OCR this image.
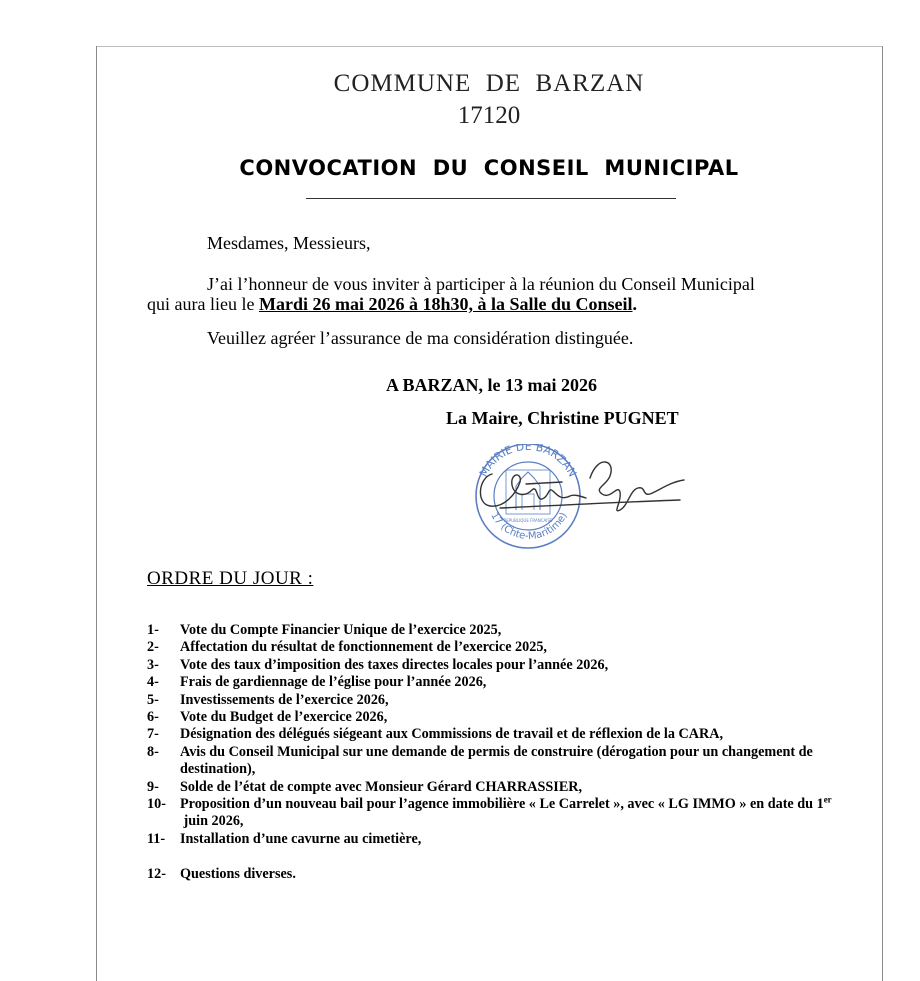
COMMUNE  DE  BARZAN
17120
CONVOCATION  DU  CONSEIL  MUNICIPAL
Mesdames, Messieurs,
J’ai l’honneur de vous inviter à participer à la réunion du Conseil Municipal
qui aura lieu le Mardi 26 mai 2026 à 18h30, à la Salle du Conseil.
Veuillez agréer l’assurance de ma considération distinguée.
A BARZAN, le 13 mai 2026
La Maire, Christine PUGNET
MAIRIE DE BARZAN
17 (Chte-Maritime)
REPUBLIQUE FRANCAISE
ORDRE DU JOUR :
1-	Vote du Compte Financier Unique de l’exercice 2025,
2-	Affectation du résultat de fonctionnement de l’exercice 2025,
3-	Vote des taux d’imposition des taxes directes locales pour l’année 2026,
4-	Frais de gardiennage de l’église pour l’année 2026,
5-	Investissements de l’exercice 2026,
6-	Vote du Budget de l’exercice 2026,
7-	Désignation des délégués siégeant aux Commissions de travail et de réflexion de la CARA,
8-	Avis du Conseil Municipal sur une demande de permis de construire (dérogation pour un changement de destination),
9-	Solde de l’état de compte avec Monsieur Gérard CHARRASSIER,
10- Proposition d’un nouveau bail pour l’agence immobilière « Le Carrelet », avec « LG IMMO » en date du 1er juin 2026,
11-	Installation d’une cavurne au cimetière,
12- Questions diverses.
